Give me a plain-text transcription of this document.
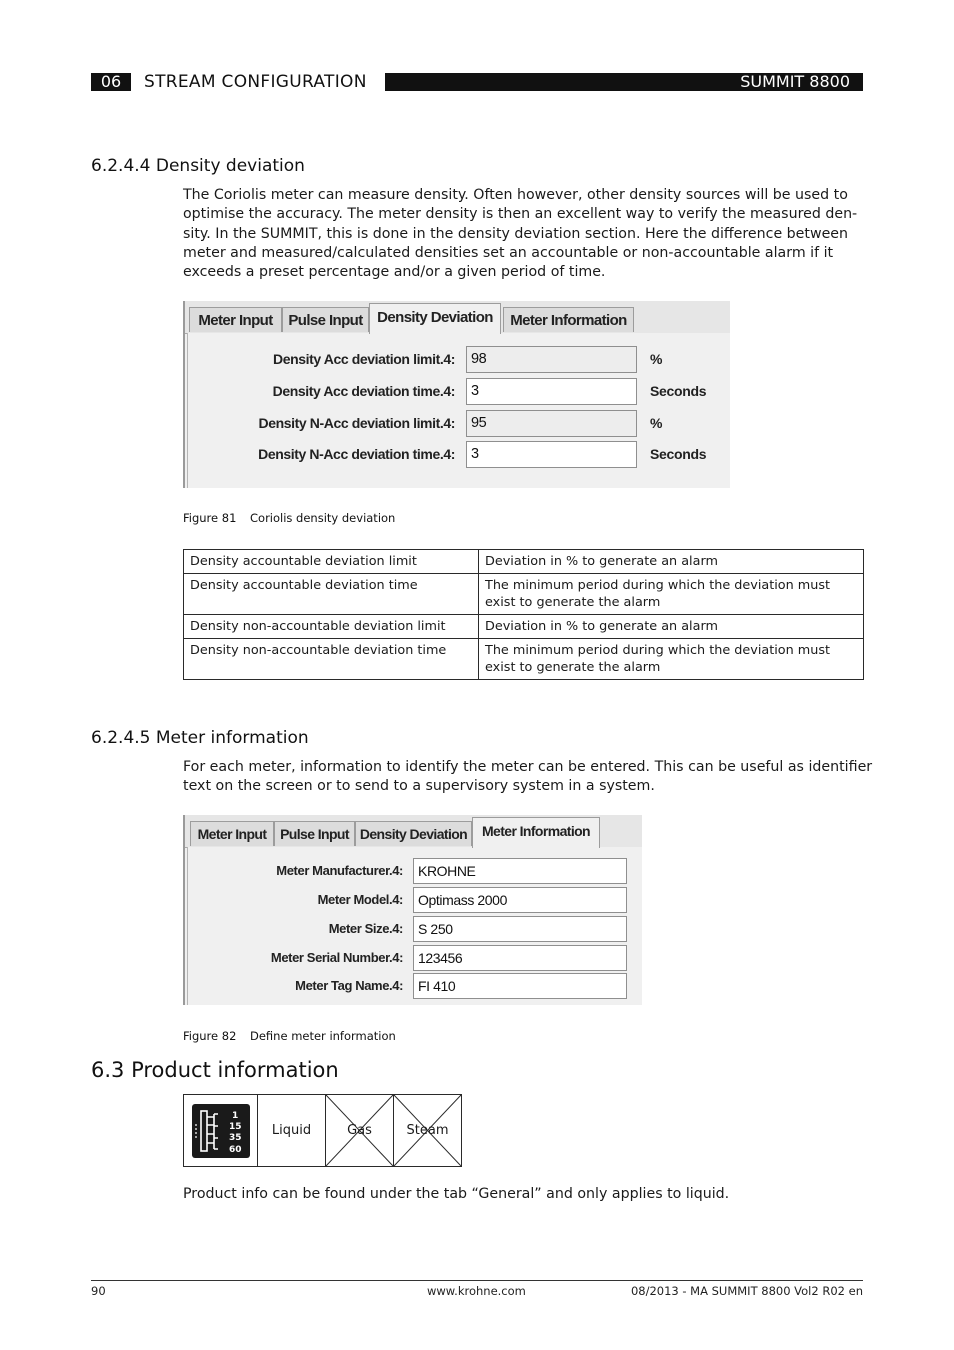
06	STREAM CONFIGURATION	SUMMIT 8800
6.2.4.4 Density deviation

The Coriolis meter can measure density. Often however, other density sources will be used to
optimise the accuracy. The meter density is then an excellent way to verify the measured den-
sity. In the SUMMIT, this is done in the density deviation section. Here the difference between
meter and measured/calculated densities set an accountable or non-accountable alarm if it
exceeds a preset percentage and/or a given period of time.

Meter Input	Pulse Input Density Deviation	Meter Information
Density Acc deviation limit.4:	98	%
Density Acc deviation time.4:	3	Seconds
Density N-Acc deviation limit.4:	95	%
Density N-Acc deviation time.4:	3	Seconds
Figure 81 Coriolis density deviation
Density accountable deviation limit	Deviation in % to generate an alarm
Density accountable deviation time	The minimum period during which the deviation must
exist to generate the alarm
Density non-accountable deviation limit	Deviation in % to generate an alarm
Density non-accountable deviation time	The minimum period during which the deviation must
exist to generate the alarm
6.2.4.5 Meter information

For each meter, information to identify the meter can be entered. This can be useful as identifier
text on the screen or to send to a supervisory system in a system.

Meter Input Pulse Input Density Deviation	Meter Information
Meter Manufacturer.4:	KROHNE
Meter Model.4:	Optimass 2000
Meter Size.4:	S 250
Meter Serial Number.4:	123456
Meter Tag Name.4:	FI 410
Figure 82 Define meter information
6.3 Product information
1
15
35
60
Liquid	Gas	Steam

Product info can be found under the tab “General” and only applies to liquid.

90	www.krohne.com	08/2013 - MA SUMMIT 8800 Vol2 R02 en
